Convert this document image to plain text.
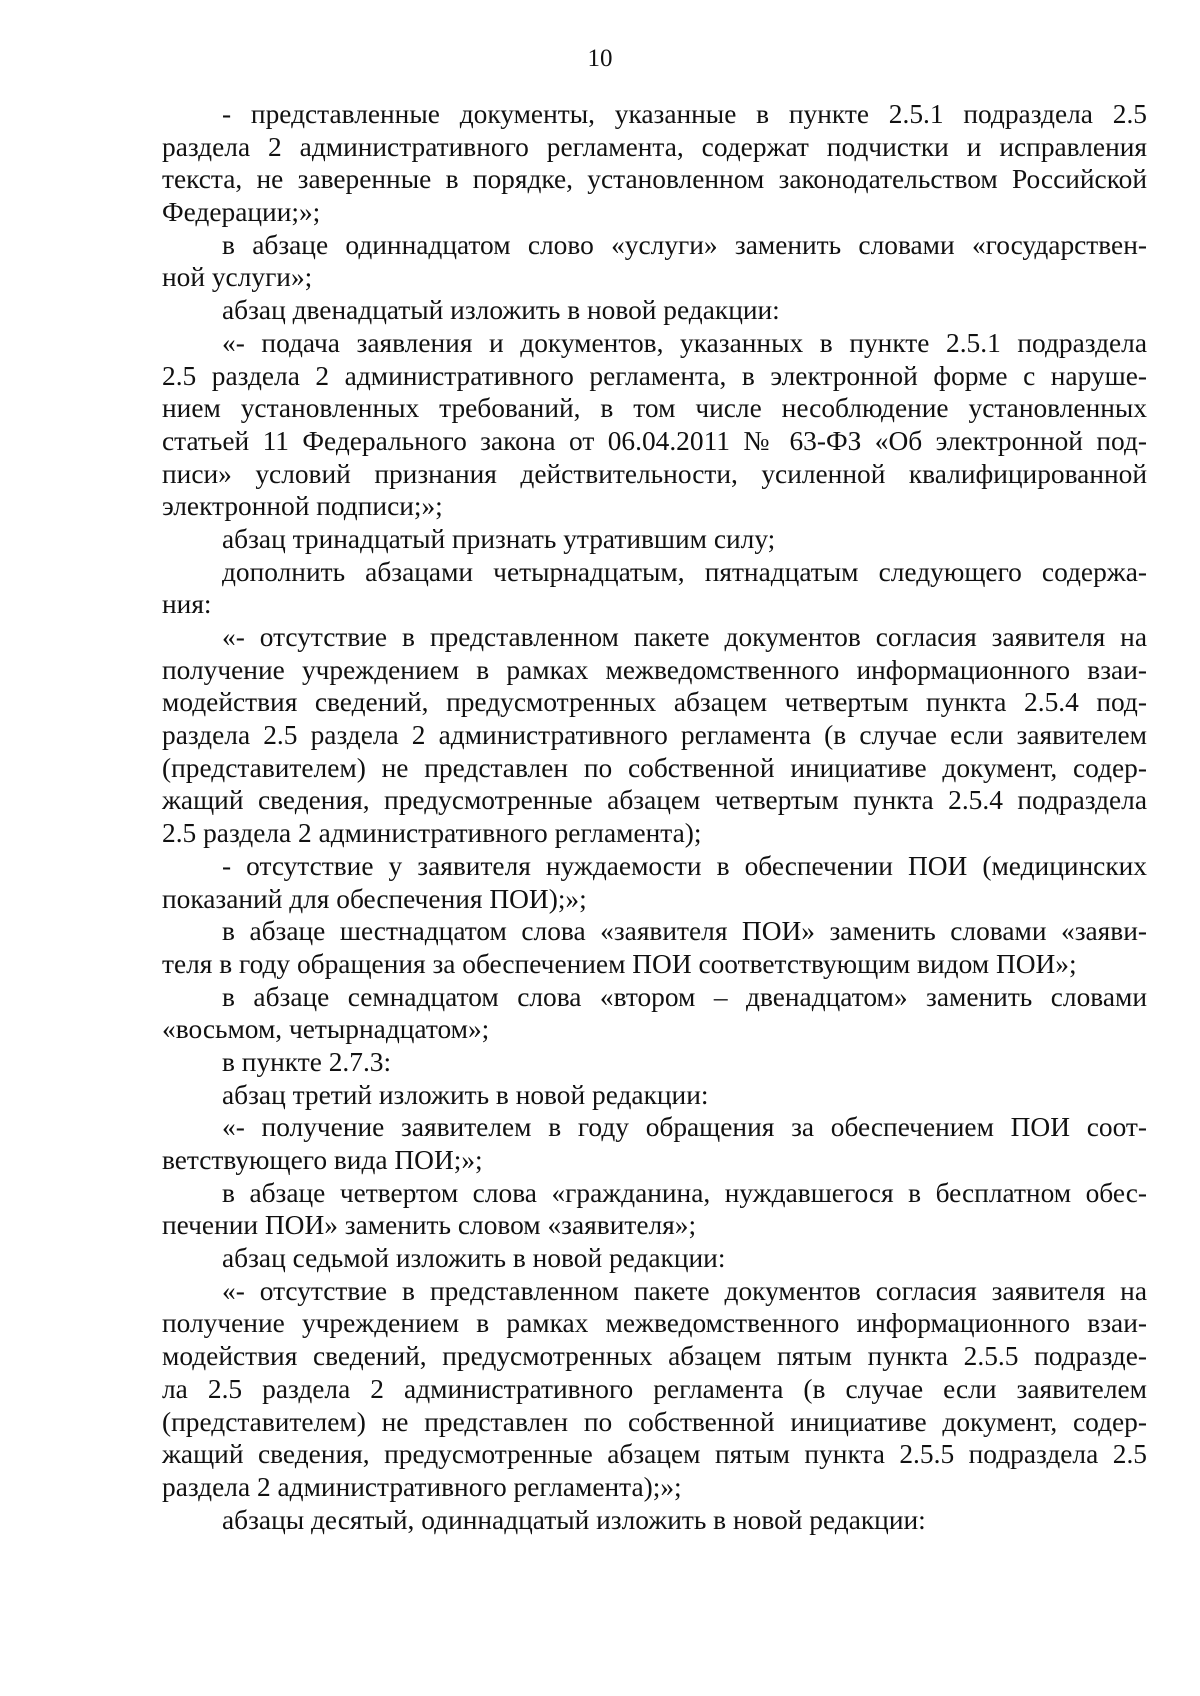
10
- представленные документы, указанные в пункте 2.5.1 подраздела 2.5
раздела 2 административного регламента, содержат подчистки и исправления
текста, не заверенные в порядке, установленном законодательством Российской
Федерации;»;
в абзаце одиннадцатом слово «услуги» заменить словами «государствен-
ной услуги»;
абзац двенадцатый изложить в новой редакции:
«- подача заявления и документов, указанных в пункте 2.5.1 подраздела
2.5 раздела 2 административного регламента, в электронной форме с наруше-
нием установленных требований, в том числе несоблюдение установленных
статьей 11 Федерального закона от 06.04.2011 № 63-ФЗ «Об электронной под-
писи» условий признания действительности, усиленной квалифицированной
электронной подписи;»;
абзац тринадцатый признать утратившим силу;
дополнить абзацами четырнадцатым, пятнадцатым следующего содержа-
ния:
«- отсутствие в представленном пакете документов согласия заявителя на
получение учреждением в рамках межведомственного информационного взаи-
модействия сведений, предусмотренных абзацем четвертым пункта 2.5.4 под-
раздела 2.5 раздела 2 административного регламента (в случае если заявителем
(представителем) не представлен по собственной инициативе документ, содер-
жащий сведения, предусмотренные абзацем четвертым пункта 2.5.4 подраздела
2.5 раздела 2 административного регламента);
- отсутствие у заявителя нуждаемости в обеспечении ПОИ (медицинских
показаний для обеспечения ПОИ);»;
в абзаце шестнадцатом слова «заявителя ПОИ» заменить словами «заяви-
теля в году обращения за обеспечением ПОИ соответствующим видом ПОИ»;
в абзаце семнадцатом слова «втором – двенадцатом» заменить словами
«восьмом, четырнадцатом»;
в пункте 2.7.3:
абзац третий изложить в новой редакции:
«- получение заявителем в году обращения за обеспечением ПОИ соот-
ветствующего вида ПОИ;»;
в абзаце четвертом слова «гражданина, нуждавшегося в бесплатном обес-
печении ПОИ» заменить словом «заявителя»;
абзац седьмой изложить в новой редакции:
«- отсутствие в представленном пакете документов согласия заявителя на
получение учреждением в рамках межведомственного информационного взаи-
модействия сведений, предусмотренных абзацем пятым пункта 2.5.5 подразде-
ла 2.5 раздела 2 административного регламента (в случае если заявителем
(представителем) не представлен по собственной инициативе документ, содер-
жащий сведения, предусмотренные абзацем пятым пункта 2.5.5 подраздела 2.5
раздела 2 административного регламента);»;
абзацы десятый, одиннадцатый изложить в новой редакции:
